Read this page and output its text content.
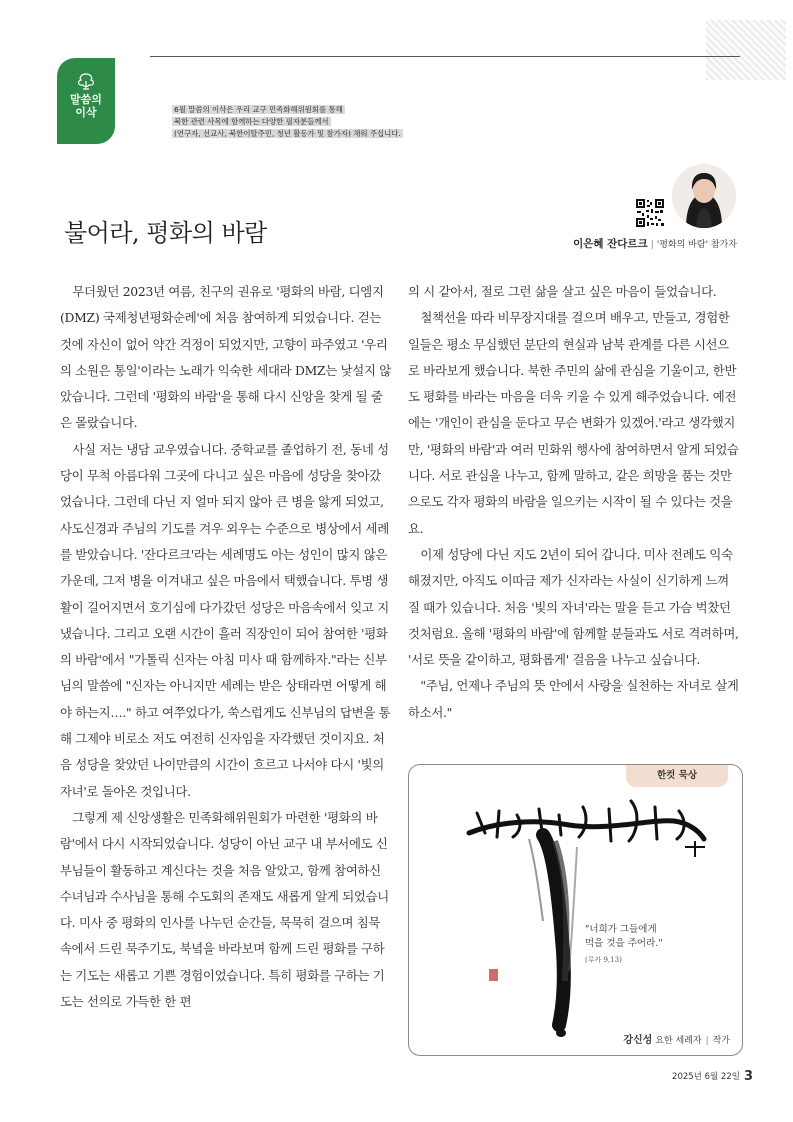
말씀의
이삭	6월 말씀의 이삭은 우리 교구 민족화해위원회를 통해
북한 관련 사목에 함께하는 다양한 필자분들께서
(연구자, 선교사, 북한이탈주민, 청년 활동가 및 참가자) 채워 주십니다.
불어라, 평화의 바람	이은혜 잔다르크 | '평화의 바람' 참가자

무더웠던 2023년 여름, 친구의 권유로 '평화의 바람, 디엠지(DMZ) 국제청년평화순례'에 처음 참여하게 되었습니다. 걷는 것에 자신이 없어 약간 걱정이 되었지만, 고향이 파주였고 '우리의 소원은 통일'이라는 노래가 익숙한 세대라 DMZ는 낯설지 않았습니다. 그런데 '평화의 바람'을 통해 다시 신앙을 찾게 될 줄은 몰랐습니다.

사실 저는 냉담 교우였습니다. 중학교를 졸업하기 전, 동네 성당이 무척 아름다워 그곳에 다니고 싶은 마음에 성당을 찾아갔었습니다. 그런데 다닌 지 얼마 되지 않아 큰 병을 앓게 되었고, 사도신경과 주님의 기도를 겨우 외우는 수준으로 병상에서 세례를 받았습니다. '잔다르크'라는 세례명도 아는 성인이 많지 않은 가운데, 그저 병을 이겨내고 싶은 마음에서 택했습니다. 투병 생활이 길어지면서 호기심에 다가갔던 성당은 마음속에서 잊고 지냈습니다. 그리고 오랜 시간이 흘러 직장인이 되어 참여한 '평화의 바람'에서 "가톨릭 신자는 아침 미사 때 함께하자."라는 신부님의 말씀에 "신자는 아니지만 세례는 받은 상태라면 어떻게 해야 하는지…." 하고 여쭈었다가, 쑥스럽게도 신부님의 답변을 통해 그제야 비로소 저도 여전히 신자임을 자각했던 것이지요. 처음 성당을 찾았던 나이만큼의 시간이 흐르고 나서야 다시 '빛의 자녀'로 돌아온 것입니다.

그렇게 제 신앙생활은 민족화해위원회가 마련한 '평화의 바람'에서 다시 시작되었습니다. 성당이 아닌 교구 내 부서에도 신부님들이 활동하고 계신다는 것을 처음 알았고, 함께 참여하신 수녀님과 수사님을 통해 수도회의 존재도 새롭게 알게 되었습니다. 미사 중 평화의 인사를 나누던 순간들, 묵묵히 걸으며 침묵 속에서 드린 묵주기도, 북녘을 바라보며 함께 드린 평화를 구하는 기도는 새롭고 기쁜 경험이었습니다. 특히 평화를 구하는 기도는 선의로 가득한 한 편

의 시 같아서, 절로 그런 삶을 살고 싶은 마음이 들었습니다.

철책선을 따라 비무장지대를 걸으며 배우고, 만들고, 경험한 일들은 평소 무심했던 분단의 현실과 남북 관계를 다른 시선으로 바라보게 했습니다. 북한 주민의 삶에 관심을 기울이고, 한반도 평화를 바라는 마음을 더욱 키울 수 있게 해주었습니다. 예전에는 '개인이 관심을 둔다고 무슨 변화가 있겠어.'라고 생각했지만, '평화의 바람'과 여러 민화위 행사에 참여하면서 알게 되었습니다. 서로 관심을 나누고, 함께 말하고, 같은 희망을 품는 것만으로도 각자 평화의 바람을 일으키는 시작이 될 수 있다는 것을요.

이제 성당에 다닌 지도 2년이 되어 갑니다. 미사 전례도 익숙해졌지만, 아직도 이따금 제가 신자라는 사실이 신기하게 느껴질 때가 있습니다. 처음 '빛의 자녀'라는 말을 듣고 가슴 벅찼던 것처럼요. 올해 '평화의 바람'에 함께할 분들과도 서로 격려하며, '서로 뜻을 같이하고, 평화롭게' 걸음을 나누고 싶습니다.

"주님, 언제나 주님의 뜻 안에서 사랑을 실천하는 자녀로 살게 하소서."

한컷 묵상
"너희가 그들에게
먹을 것을 주어라."
(루카 9,13)
강신성 요한 세례자 | 작가
2025년 6월 22일 3
